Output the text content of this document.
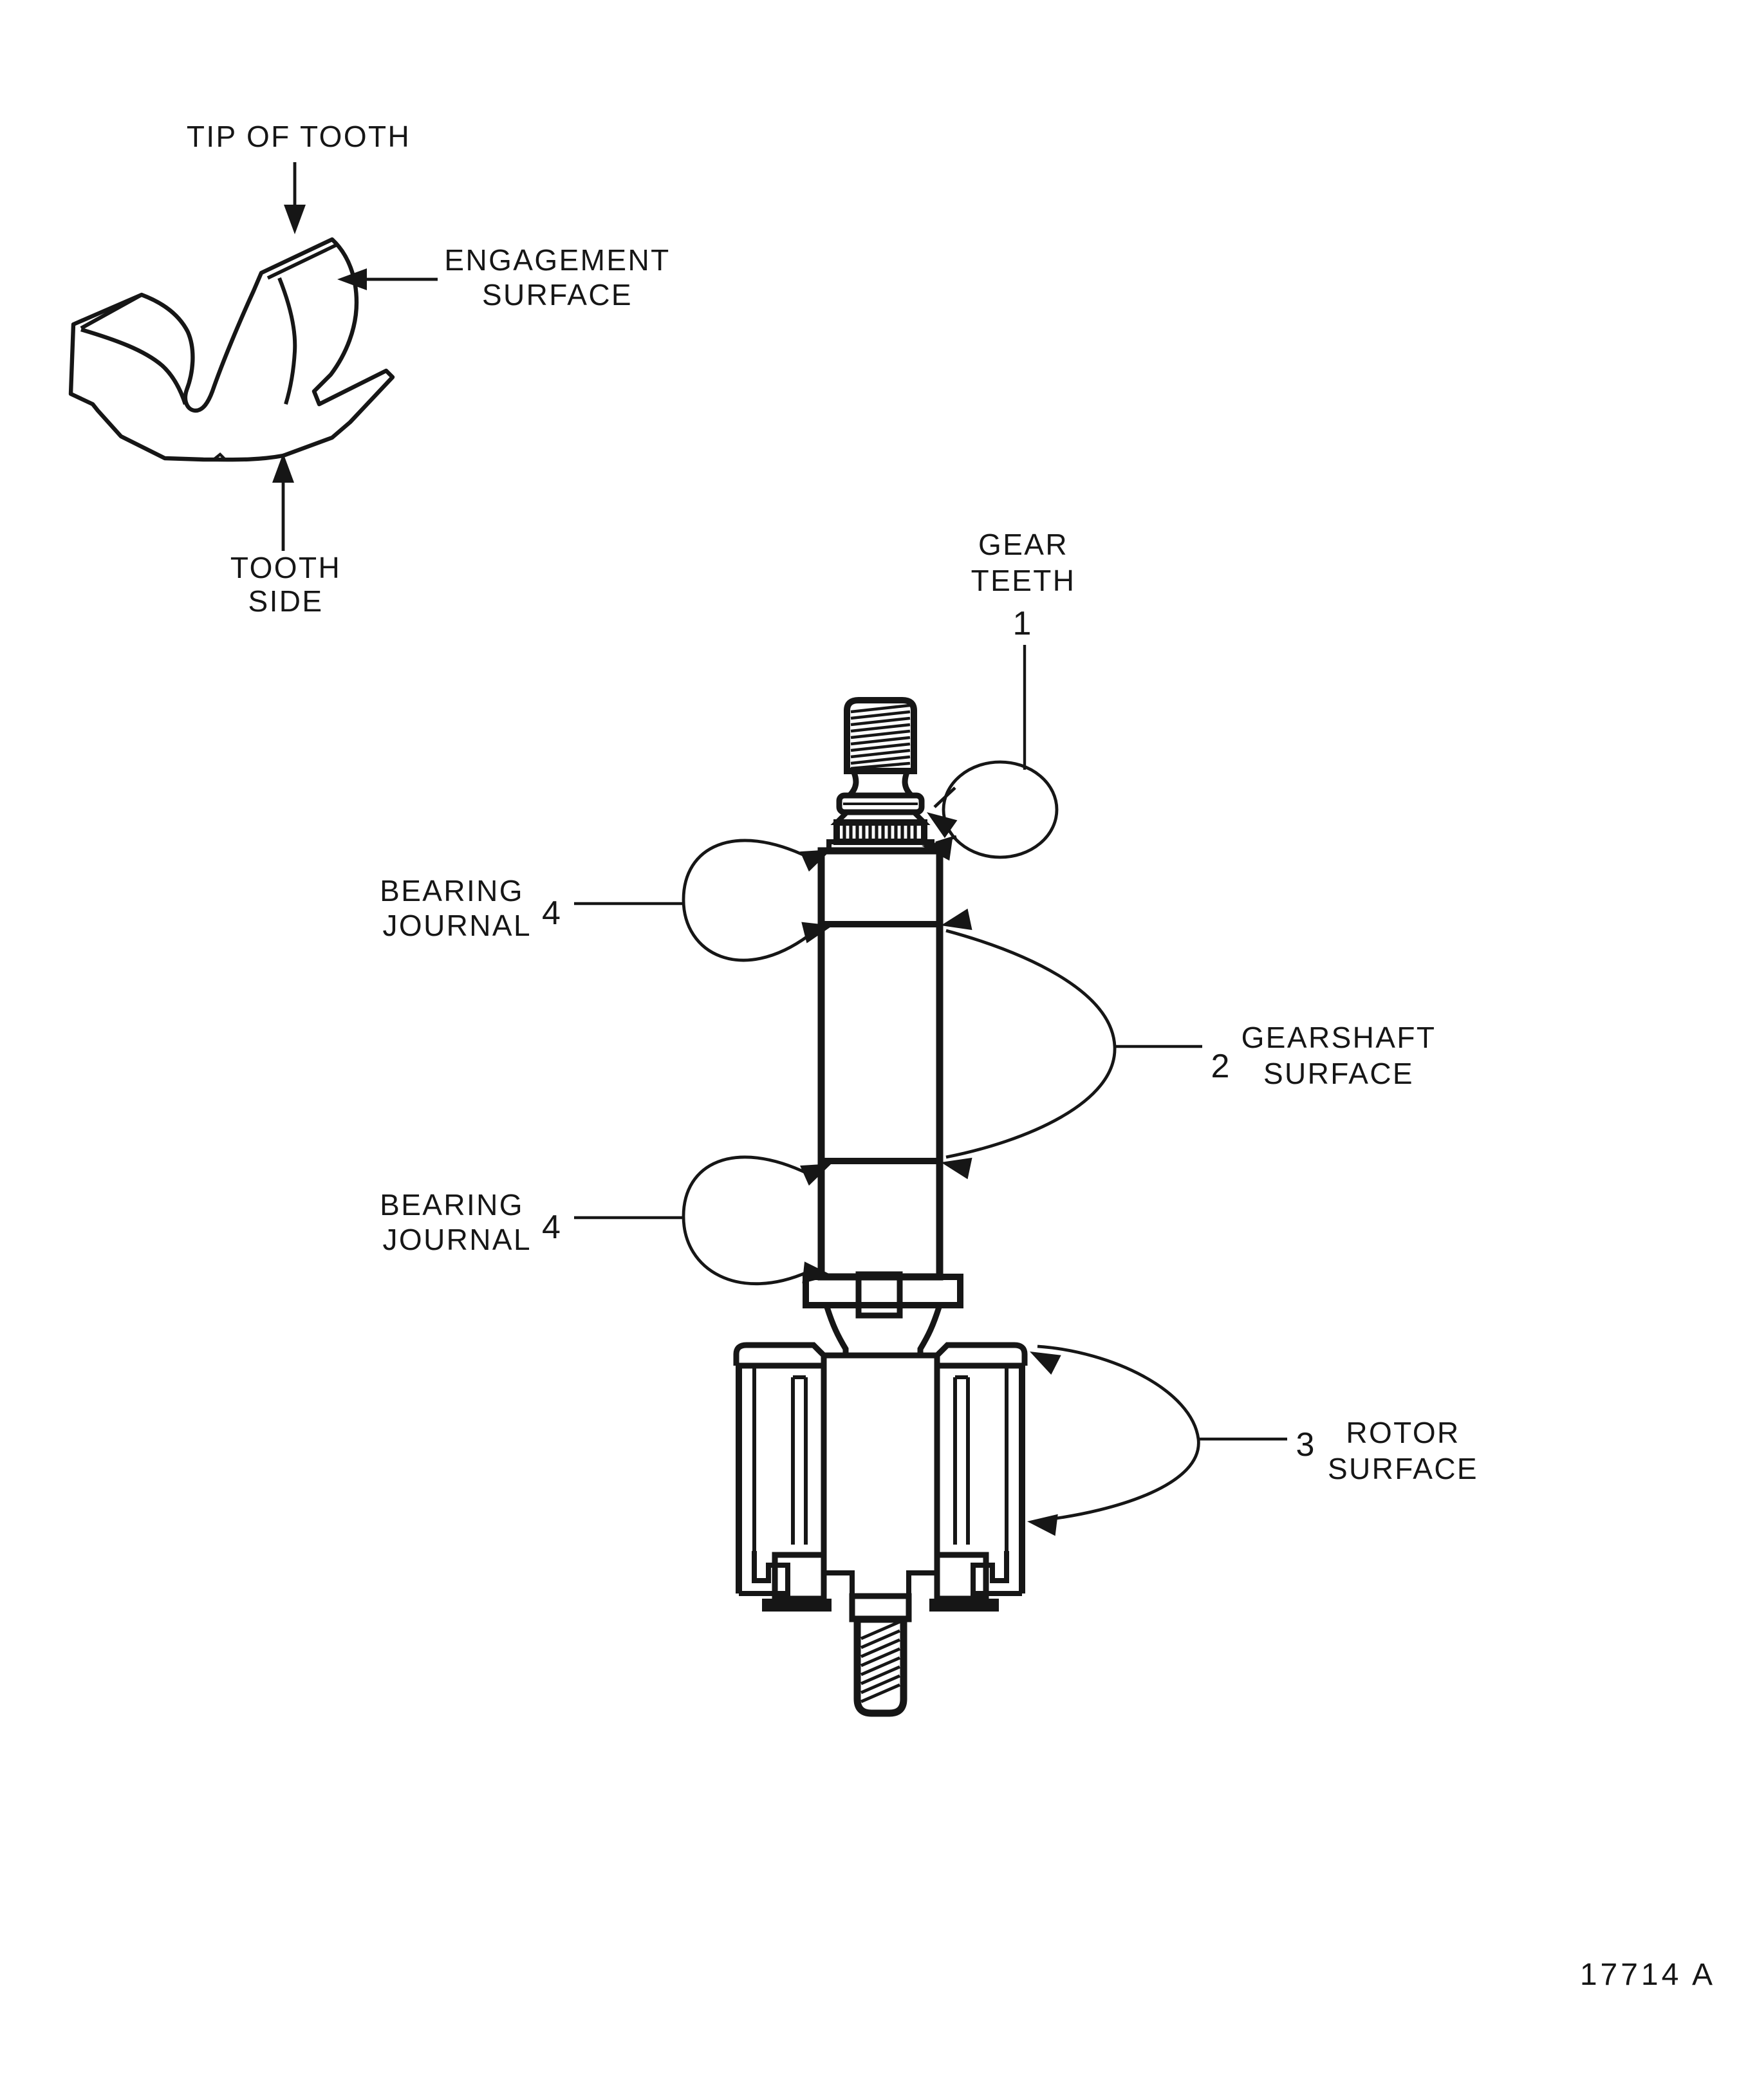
TIP OF TOOTH
ENGAGEMENT
SURFACE
TOOTH
SIDE
GEAR
TEETH
1
BEARING
JOURNAL 4
2
GEARSHAFT
SURFACE
BEARING
JOURNAL 4
3 ROTOR
SURFACE
17714 A
